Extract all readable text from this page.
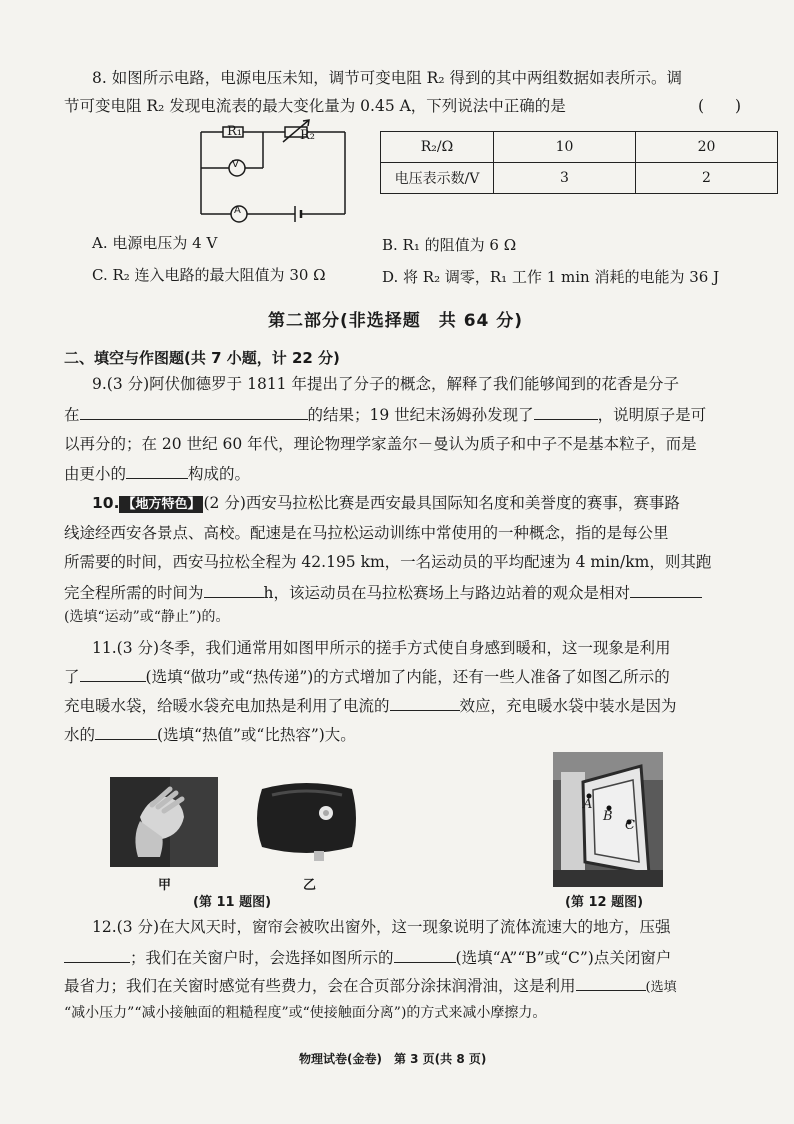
8. 如图所示电路，电源电压未知，调节可变电阻 R₂ 得到的其中两组数据如表所示。调
节可变电阻 R₂ 发现电流表的最大变化量为 0.45 A，下列说法中正确的是	(　　)
R₁	R₂
V
A
R₂/Ω	10	20
电压表示数/V	3	2
A. 电源电压为 4 V	B. R₁ 的阻值为 6 Ω
C. R₂ 连入电路的最大阻值为 30 Ω	D. 将 R₂ 调零，R₁ 工作 1 min 消耗的电能为 36 J
第二部分(非选择题　共 64 分)
二、填空与作图题(共 7 小题，计 22 分)
9.(3 分)阿伏伽德罗于 1811 年提出了分子的概念，解释了我们能够闻到的花香是分子
在	的结果；19 世纪末汤姆孙发现了	，说明原子是可
以再分的；在 20 世纪 60 年代，理论物理学家盖尔－曼认为质子和中子不是基本粒子，而是
由更小的	构成的。
10. 【地方特色】 (2 分)西安马拉松比赛是西安最具国际知名度和美誉度的赛事，赛事路
线途经西安各景点、高校。配速是在马拉松运动训练中常使用的一种概念，指的是每公里
所需要的时间，西安马拉松全程为 42.195 km，一名运动员的平均配速为 4 min/km，则其跑
完全程所需的时间为	h，该运动员在马拉松赛场上与路边站着的观众是相对
(选填“运动”或“静止”)的。
11.(3 分)冬季，我们通常用如图甲所示的搓手方式使自身感到暖和，这一现象是利用
了	(选填“做功”或“热传递”)的方式增加了内能，还有一些人准备了如图乙所示的
充电暖水袋，给暖水袋充电加热是利用了电流的	效应，充电暖水袋中装水是因为
水的	(选填“热值”或“比热容”)大。
甲	乙
(第 11 题图)
A
B
C
(第 12 题图)
12.(3 分)在大风天时，窗帘会被吹出窗外，这一现象说明了流体流速大的地方，压强
；我们在关窗户时，会选择如图所示的	(选填“A”“B”或“C”)点关闭窗户
最省力；我们在关窗时感觉有些费力，会在合页部分涂抹润滑油，这是利用	(选填
“减小压力”“减小接触面的粗糙程度”或“使接触面分离”)的方式来减小摩擦力。
物理试卷(金卷)　第 3 页(共 8 页)
